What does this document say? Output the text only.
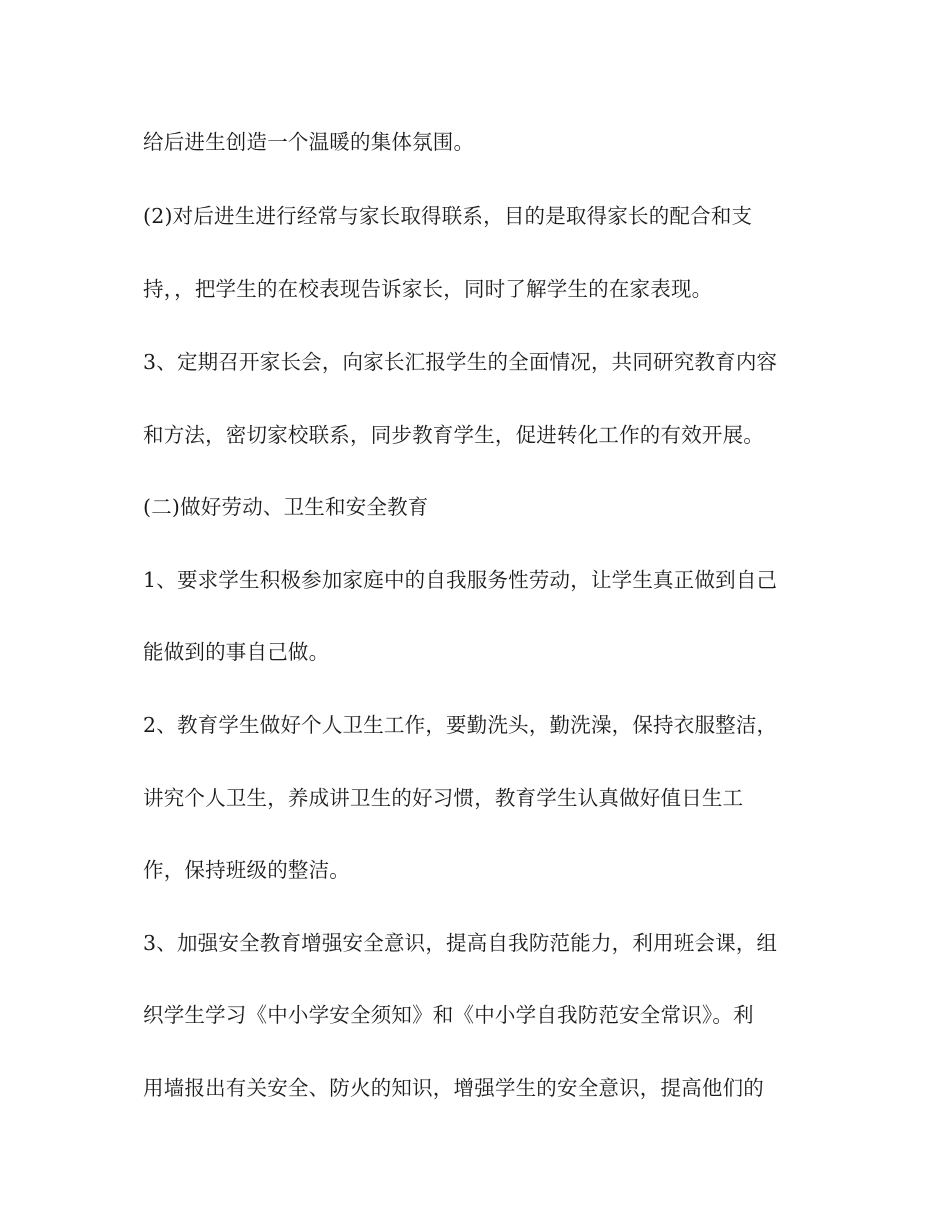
给后进生创造一个温暖的集体氛围。
(2)对后进生进行经常与家长取得联系，目的是取得家长的配合和支
持，，把学生的在校表现告诉家长，同时了解学生的在家表现。
3、定期召开家长会，向家长汇报学生的全面情况，共同研究教育内容
和方法，密切家校联系，同步教育学生，促进转化工作的有效开展。
(二)做好劳动、卫生和安全教育
1、要求学生积极参加家庭中的自我服务性劳动，让学生真正做到自己
能做到的事自己做。
2、教育学生做好个人卫生工作，要勤洗头，勤洗澡，保持衣服整洁，
讲究个人卫生，养成讲卫生的好习惯，教育学生认真做好值日生工
作，保持班级的整洁。
3、加强安全教育增强安全意识，提高自我防范能力，利用班会课，组
织学生学习《中小学安全须知》和《中小学自我防范安全常识》。利
用墙报出有关安全、防火的知识，增强学生的安全意识，提高他们的
